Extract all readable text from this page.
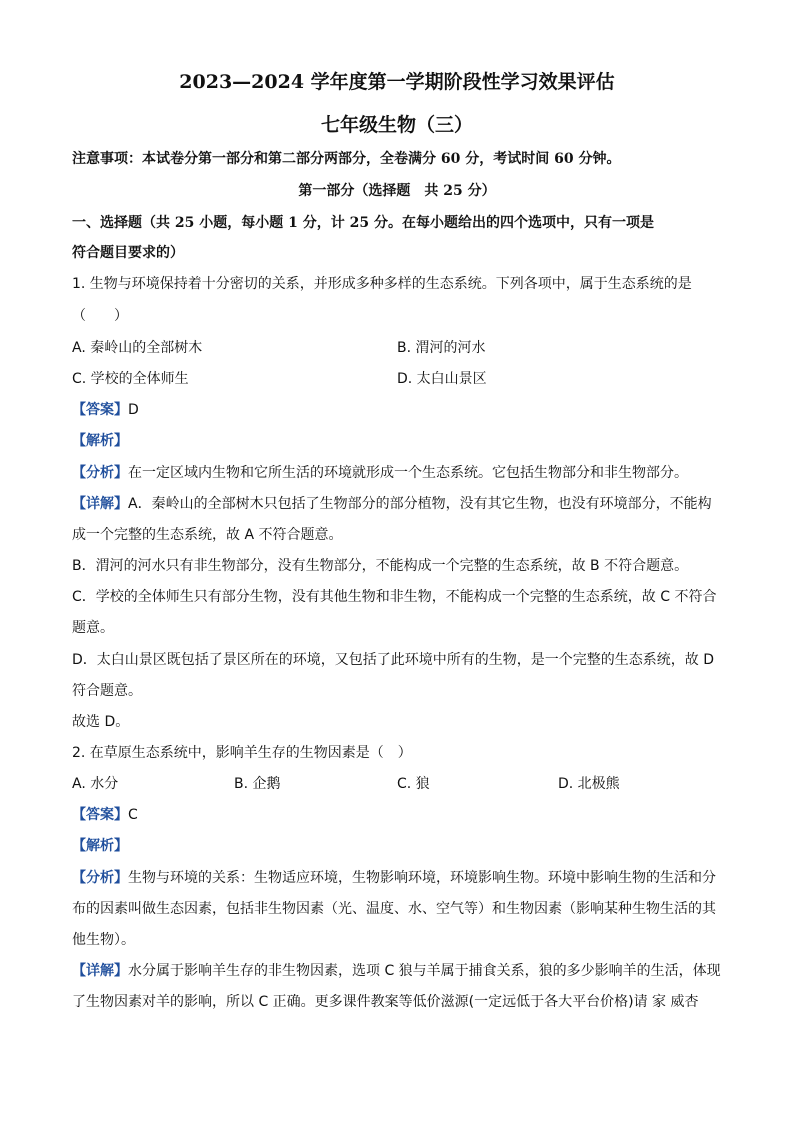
2023—2024 学年度第一学期阶段性学习效果评估
七年级生物（三）
注意事项：本试卷分第一部分和第二部分两部分，全卷满分 60 分，考试时间 60 分钟。
第一部分（选择题　共 25 分）
一、选择题（共 25 小题，每小题 1 分，计 25 分。在每小题给出的四个选项中，只有一项是
符合题目要求的）
1. 生物与环境保持着十分密切的关系，并形成多种多样的生态系统。下列各项中，属于生态系统的是
（　　）
A. 秦岭山的全部树木	B. 渭河的河水
C. 学校的全体师生	D. 太白山景区
【答案】D
【解析】
【分析】在一定区域内生物和它所生活的环境就形成一个生态系统。它包括生物部分和非生物部分。
【详解】A．秦岭山的全部树木只包括了生物部分的部分植物，没有其它生物，也没有环境部分，不能构
成一个完整的生态系统，故 A 不符合题意。
B．渭河的河水只有非生物部分，没有生物部分，不能构成一个完整的生态系统，故 B 不符合题意。
C．学校的全体师生只有部分生物，没有其他生物和非生物，不能构成一个完整的生态系统，故 C 不符合
题意。
D．太白山景区既包括了景区所在的环境，又包括了此环境中所有的生物，是一个完整的生态系统，故 D
符合题意。
故选 D。
2. 在草原生态系统中，影响羊生存的生物因素是（　）
A. 水分	B. 企鹅	C. 狼	D. 北极熊
【答案】C
【解析】
【分析】生物与环境的关系：生物适应环境，生物影响环境，环境影响生物。环境中影响生物的生活和分
布的因素叫做生态因素，包括非生物因素（光、温度、水、空气等）和生物因素（影响某种生物生活的其
他生物）。
【详解】水分属于影响羊生存的非生物因素，选项 C 狼与羊属于捕食关系，狼的多少影响羊的生活，体现
了生物因素对羊的影响，所以 C 正确。更多课件教案等低价滋源(一定远低于各大平台价格)请 家 威杏
